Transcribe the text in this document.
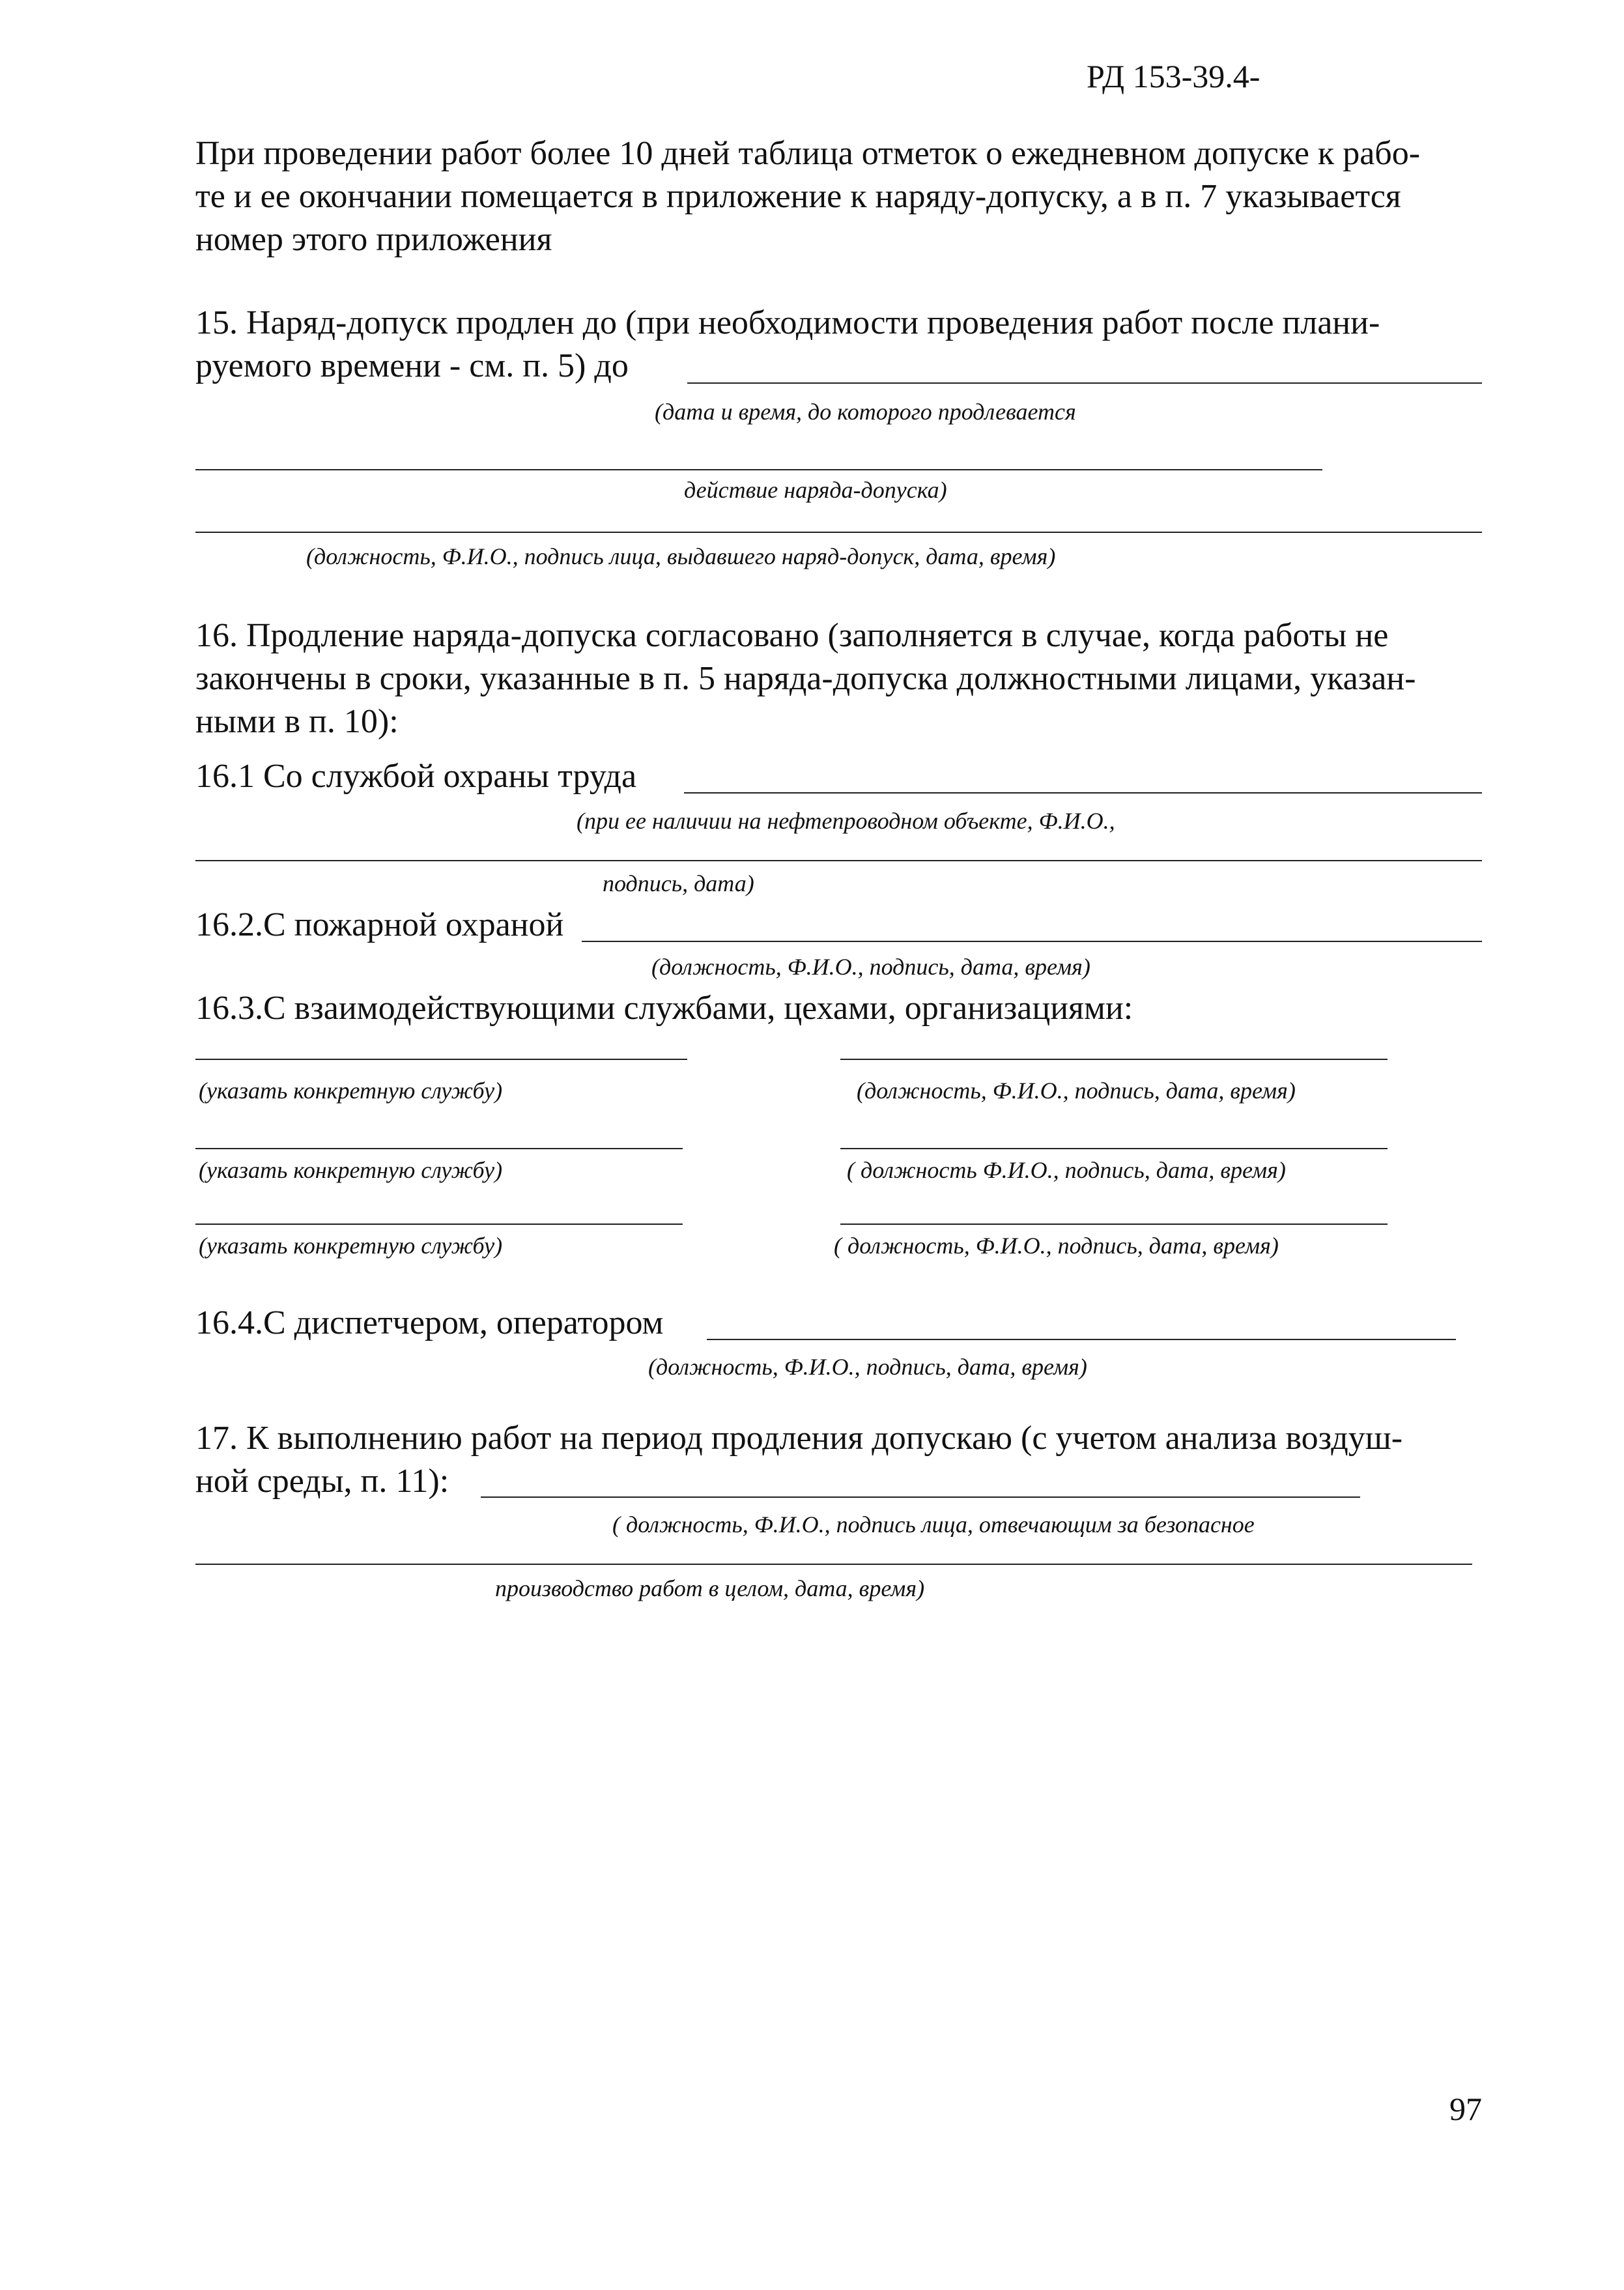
РД 153-39.4-
При проведении работ более 10 дней таблица отметок о ежедневном допуске к рабо-
те и ее окончании помещается в приложение к наряду-допуску, а в п. 7 указывается
номер этого приложения
15. Наряд-допуск продлен до (при необходимости проведения работ после плани-
руемого времени - см. п. 5) до
(дата и время, до которого продлевается
действие наряда-допуска)
(должность, Ф.И.О., подпись лица, выдавшего наряд-допуск, дата, время)
16. Продление наряда-допуска согласовано (заполняется в случае, когда работы не
закончены в сроки, указанные в п. 5 наряда-допуска должностными лицами, указан-
ными в п. 10):
16.1 Со службой охраны труда
(при ее наличии на нефтепроводном объекте, Ф.И.О.,
подпись, дата)
16.2.С пожарной охраной
(должность, Ф.И.О., подпись, дата, время)
16.3.С взаимодействующими службами, цехами, организациями:
(указать конкретную службу)	(должность, Ф.И.О., подпись, дата, время)
(указать конкретную службу)	( должность Ф.И.О., подпись, дата, время)
(указать конкретную службу)	( должность, Ф.И.О., подпись, дата, время)
16.4.С диспетчером, оператором
(должность, Ф.И.О., подпись, дата, время)
17. К выполнению работ на период продления допускаю (с учетом анализа воздуш-
ной среды, п. 11):
( должность, Ф.И.О., подпись лица, отвечающим за безопасное
производство работ в целом, дата, время)
97
